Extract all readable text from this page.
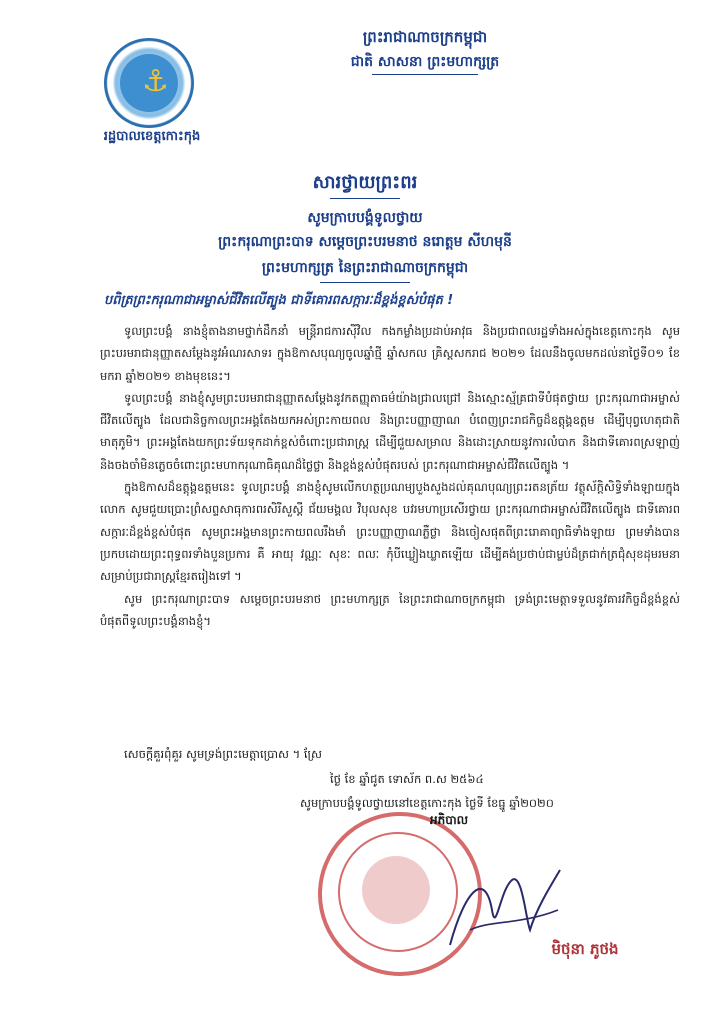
⚓
រដ្ឋបាលខេត្តកោះកុង
ព្រះរាជាណាចក្រកម្ពុជា
ជាតិ សាសនា ព្រះមហាក្សត្រ
សារថ្វាយព្រះពរ
សូមក្រាបបង្គំទូលថ្វាយ
ព្រះករុណាព្រះបាទ សម្តេចព្រះបរមនាថ នរោត្តម សីហមុនី
ព្រះមហាក្សត្រ នៃព្រះរាជាណាចក្រកម្ពុជា
បពិត្រព្រះករុណាជាអម្ចាស់ជីវិតលើត្បូង ជាទីគោរពសក្ការៈដ៏ខ្ពង់ខ្ពស់បំផុត !

ទូលព្រះបង្គំ នាងខ្ញុំតាងនាមថ្នាក់ដឹកនាំ មន្ត្រីរាជការស៊ីវិល កងកម្លាំងប្រដាប់អាវុធ និងប្រជាពលរដ្ឋទាំងអស់ក្នុងខេត្តកោះកុង សូមព្រះបរមរាជានុញ្ញាតសម្តែងនូវអំណរសាទរ ក្នុងឱកាសបុណ្យចូលឆ្នាំថ្មី ឆ្នាំសកល គ្រិស្តសករាជ ២០២១ ដែលនឹងចូលមកដល់នាថ្ងៃទី០១ ខែមករា ឆ្នាំ២០២១ ខាងមុខនេះ។

ទូលព្រះបង្គំ នាងខ្ញុំសូមព្រះបរមរាជានុញ្ញាតសម្តែងនូវកតញ្ញុតាធម៌យ៉ាងជ្រាលជ្រៅ និងស្មោះស្ម័គ្រជាទីបំផុតថ្វាយ ព្រះករុណាជាអម្ចាស់ជីវិតលើត្បូង ដែលជានិច្ចកាលព្រះអង្គតែងយកអស់ព្រះកាយពល និងព្រះបញ្ញាញាណ បំពេញព្រះរាជកិច្ចដ៏ឧត្តុង្គឧត្តម ដើម្បីបុព្វហេតុជាតិមាតុភូមិ។ ព្រះអង្គតែងយកព្រះទ័យទុកដាក់ខ្ពស់ចំពោះប្រជារាស្ត្រ ដើម្បីជួយសម្រាល និងដោះស្រាយនូវការលំបាក និងជាទីគោរពស្រឡាញ់ និងចងចាំមិនភ្លេចចំពោះព្រះមហាករុណាធិគុណដ៏ថ្លៃថ្លា និងខ្ពង់ខ្ពស់បំផុតរបស់ ព្រះករុណាជាអម្ចាស់ជីវិតលើត្បូង ។

ក្នុងឱកាសដ៏ឧត្តុង្គឧត្តមនេះ ទូលព្រះបង្គំ នាងខ្ញុំសូមលើកហត្ថប្រណម្យបួងសួងដល់គុណបុណ្យព្រះរតនត្រ័យ វត្ថុស័ក្តិសិទ្ធិទាំងឡាយក្នុងលោក សូមជួយប្រោះព្រំសព្ទសាធុការពរសិរីសួស្តី ជ័យមង្គល វិបុលសុខ បវរមហាប្រសើរថ្វាយ ព្រះករុណាជាអម្ចាស់ជីវិតលើត្បូង ជាទីគោរពសក្ការៈដ៏ខ្ពង់ខ្ពស់បំផុត សូមព្រះអង្គមានព្រះកាយពលរឹងមាំ ព្រះបញ្ញាញាណភ្លឺថ្លា និងចៀសផុតពីព្រះរោគាព្យាធិទាំងឡាយ ព្រមទាំងបានប្រកបដោយព្រះពុទ្ធពរទាំងបួនប្រការ គឺ អាយុ វណ្ណៈ សុខៈ ពលៈ កុំបីឃ្លៀងឃ្លាតឡើយ ដើម្បីគង់ប្រថាប់ជាម្លប់ដ៏ត្រជាក់ត្រជុំសុខដុមរមនាសម្រាប់ប្រជារាស្ត្រខ្មែរតរៀងទៅ ។

សូម ព្រះករុណាព្រះបាទ សម្តេចព្រះបរមនាថ ព្រះមហាក្សត្រ នៃព្រះរាជាណាចក្រកម្ពុជា ទ្រង់ព្រះមេត្តាទទួលនូវគារវកិច្ចដ៏ខ្ពង់ខ្ពស់បំផុតពីទូលព្រះបង្គំនាងខ្ញុំ។

សេចក្តីគួរពុំគួរ សូមទ្រង់ព្រះមេត្តាប្រោស ។ ស្រែ
ថ្ងៃ ខែ ឆ្នាំជូត ទោស័ក ព.ស ២៥៦៤
សូមក្រាបបង្គំទូលថ្វាយនៅខេត្តកោះកុង ថ្ងៃទី ខែធ្នូ ឆ្នាំ២០២០
អភិបាល
មិថុនា ភូថង
